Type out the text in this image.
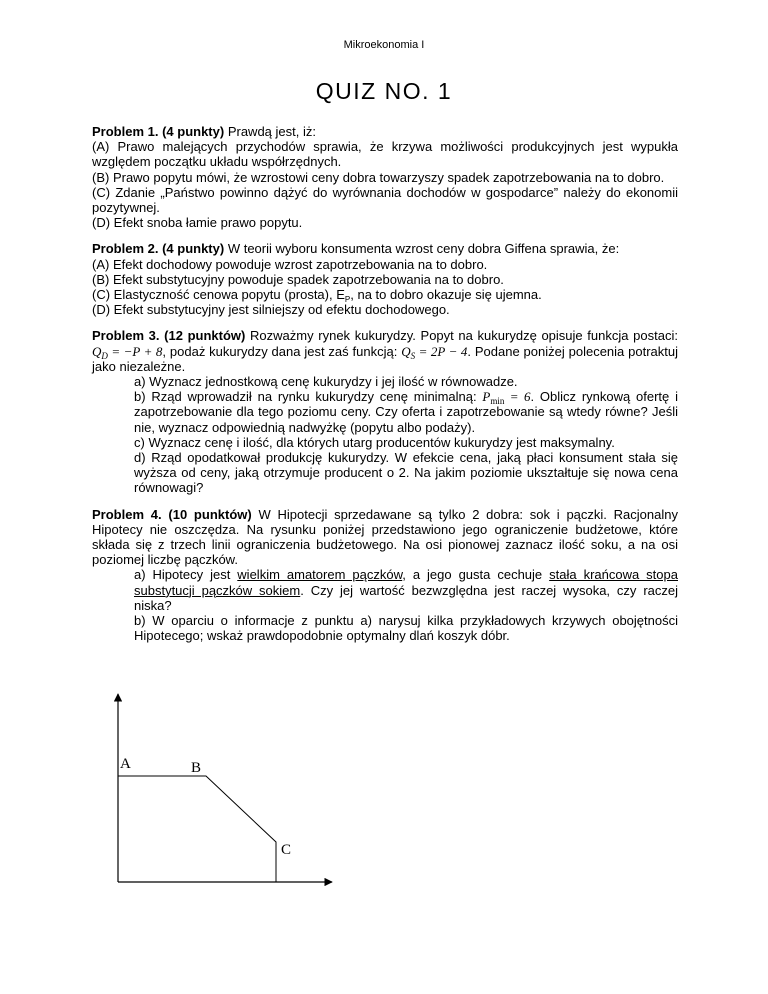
Mikroekonomia I
QUIZ NO. 1
Problem 1. (4 punkty) Prawdą jest, iż:
(A) Prawo malejących przychodów sprawia, że krzywa możliwości produkcyjnych jest wypukła względem początku układu współrzędnych.
(B) Prawo popytu mówi, że wzrostowi ceny dobra towarzyszy spadek zapotrzebowania na to dobro.
(C) Zdanie „Państwo powinno dążyć do wyrównania dochodów w gospodarce” należy do ekonomii pozytywnej.
(D) Efekt snoba łamie prawo popytu.
Problem 2. (4 punkty) W teorii wyboru konsumenta wzrost ceny dobra Giffena sprawia, że:
(A) Efekt dochodowy powoduje wzrost zapotrzebowania na to dobro.
(B) Efekt substytucyjny powoduje spadek zapotrzebowania na to dobro.
(C) Elastyczność cenowa popytu (prosta), $E_P$, na to dobro okazuje się ujemna.
(D) Efekt substytucyjny jest silniejszy od efektu dochodowego.
Problem 3. (12 punktów) Rozważmy rynek kukurydzy. Popyt na kukurydzę opisuje funkcja postaci: $Q_D = -P + 8$, podaż kukurydzy dana jest zaś funkcją: $Q_S = 2P - 4$. Podane poniżej polecenia potraktuj jako niezależne.
a) Wyznacz jednostkową cenę kukurydzy i jej ilość w równowadze.
b) Rząd wprowadził na rynku kukurydzy cenę minimalną: $P_{min} = 6$. Oblicz rynkową ofertę i zapotrzebowanie dla tego poziomu ceny. Czy oferta i zapotrzebowanie są wtedy równe? Jeśli nie, wyznacz odpowiednią nadwyżkę (popytu albo podaży).
c) Wyznacz cenę i ilość, dla których utarg producentów kukurydzy jest maksymalny.
d) Rząd opodatkował produkcję kukurydzy. W efekcie cena, jaką płaci konsument stała się wyższa od ceny, jaką otrzymuje producent o 2. Na jakim poziomie ukształtuje się nowa cena równowagi?
Problem 4. (10 punktów) W Hipotecji sprzedawane są tylko 2 dobra: sok i pączki. Racjonalny Hipotecy nie oszczędza. Na rysunku poniżej przedstawiono jego ograniczenie budżetowe, które składa się z trzech linii ograniczenia budżetowego. Na osi pionowej zaznacz ilość soku, a na osi poziomej liczbę pączków.
a) Hipotecy jest wielkim amatorem pączków, a jego gusta cechuje stała krańcowa stopa substytucji pączków sokiem. Czy jej wartość bezwzględna jest raczej wysoka, czy raczej niska?
b) W oparciu o informacje z punktu a) narysuj kilka przykładowych krzywych obojętności Hipotecego; wskaż prawdopodobnie optymalny dlań koszyk dóbr.
A	B
C
